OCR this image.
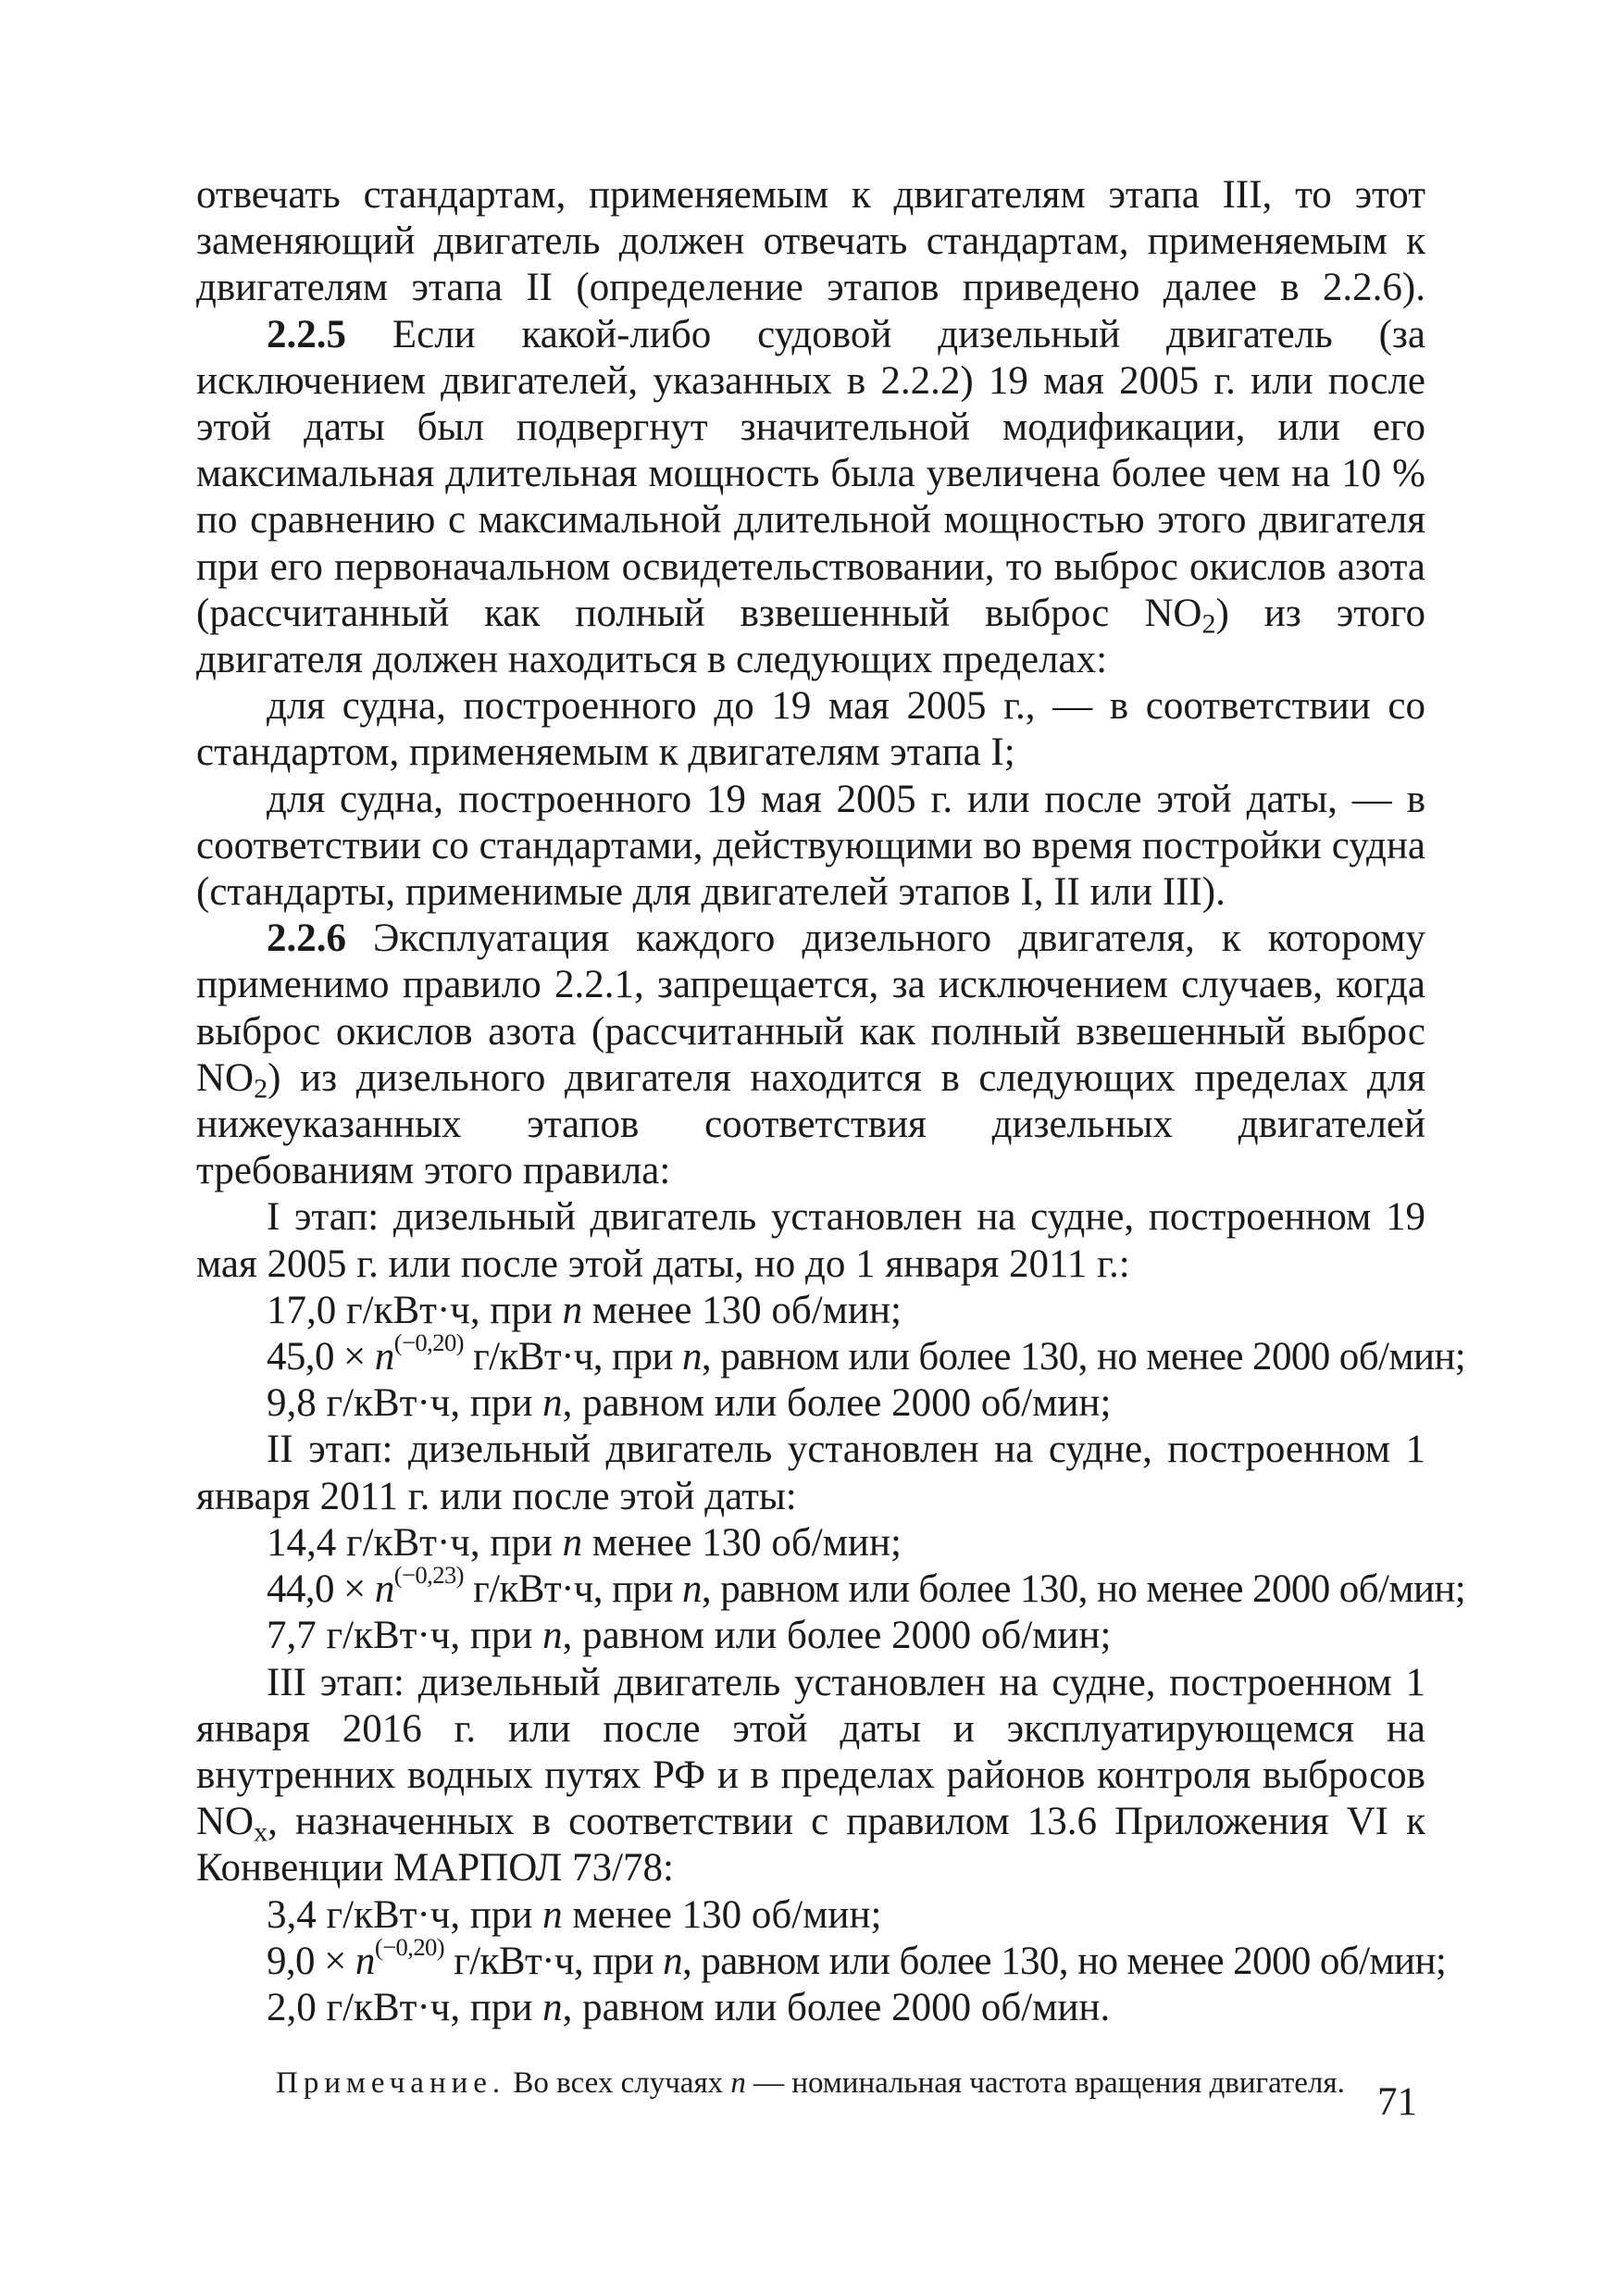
отвечать стандартам, применяемым к двигателям этапа III, то этот заменяющий двигатель должен отвечать стандартам, применяемым к двигателям этапа II (определение этапов приведено далее в 2.2.6).

2.2.5 Если какой-либо судовой дизельный двигатель (за исключением двигателей, указанных в 2.2.2) 19 мая 2005 г. или после этой даты был подвергнут значительной модификации, или его максимальная длительная мощность была увеличена более чем на 10 % по сравнению с максимальной длительной мощностью этого двигателя при его первоначальном освидетельствовании, то выброс окислов азота (рассчитанный как полный взвешенный выброс $NO_2$) из этого двигателя должен находиться в следующих пределах:

для судна, построенного до 19 мая 2005 г., — в соответствии со стандартом, применяемым к двигателям этапа I;

для судна, построенного 19 мая 2005 г. или после этой даты, — в соответствии со стандартами, действующими во время постройки судна (стандарты, применимые для двигателей этапов I, II или III).

2.2.6 Эксплуатация каждого дизельного двигателя, к которому применимо правило 2.2.1, запрещается, за исключением случаев, когда выброс окислов азота (рассчитанный как полный взвешенный выброс $NO_2$) из дизельного двигателя находится в следующих пределах для нижеуказанных этапов соответствия дизельных двигателей требованиям этого правила:

I этап: дизельный двигатель установлен на судне, построенном 19 мая 2005 г. или после этой даты, но до 1 января 2011 г.:

17,0 г/кВт·ч, при n менее 130 об/мин;

$45,0 \times n^{(-0,20)}$ г/кВт·ч, при n, равном или более 130, но менее 2000 об/мин;

9,8 г/кВт·ч, при n, равном или более 2000 об/мин;

II этап: дизельный двигатель установлен на судне, построенном 1 января 2011 г. или после этой даты:

14,4 г/кВт·ч, при n менее 130 об/мин;

$44,0 \times n^{(-0,23)}$ г/кВт·ч, при n, равном или более 130, но менее 2000 об/мин;

7,7 г/кВт·ч, при n, равном или более 2000 об/мин;

III этап: дизельный двигатель установлен на судне, построенном 1 января 2016 г. или после этой даты и эксплуатирующемся на внутренних водных путях РФ и в пределах районов контроля выбросов $NO_x$, назначенных в соответствии с правилом 13.6 Приложения VI к Конвенции МАРПОЛ 73/78:

3,4 г/кВт·ч, при n менее 130 об/мин;

$9,0 \times n^{(-0,20)}$ г/кВт·ч, при n, равном или более 130, но менее 2000 об/мин;

2,0 г/кВт·ч, при n, равном или более 2000 об/мин.

Примечание. Во всех случаях n — номинальная частота вращения двигателя. 71
